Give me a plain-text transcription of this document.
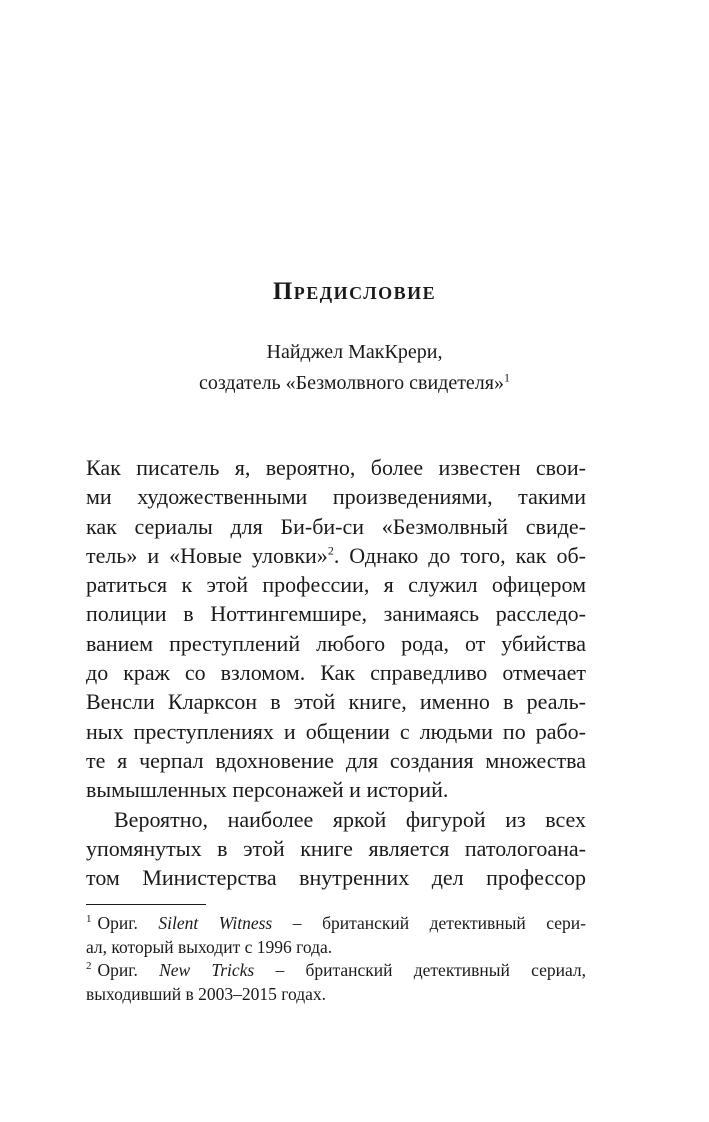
Предисловие

Найджел МакКрери,

создатель «Безмолвного свидетеля»$^1$

Как писатель я, вероятно, более известен свои-
ми художественными произведениями, такими
как сериалы для Би-би-си «Безмолвный свиде-
тель» и «Новые уловки»$^2$. Однако до того, как об-
ратиться к этой профессии, я служил офицером
полиции в Ноттингемшире, занимаясь расследо-
ванием преступлений любого рода, от убийства
до краж со взломом. Как справедливо отмечает
Венсли Кларксон в этой книге, именно в реаль-
ных преступлениях и общении с людьми по рабо-
те я черпал вдохновение для создания множества
вымышленных персонажей и историй.
Вероятно, наиболее яркой фигурой из всех
упомянутых в этой книге является патологоана-
том Министерства внутренних дел профессор
$^1$ Ориг. Silent Witness – британский детективный сери-
ал, который выходит с 1996 года.
$^2$ Ориг. New Tricks – британский детективный сериал,
выходивший в 2003–2015 годах.
